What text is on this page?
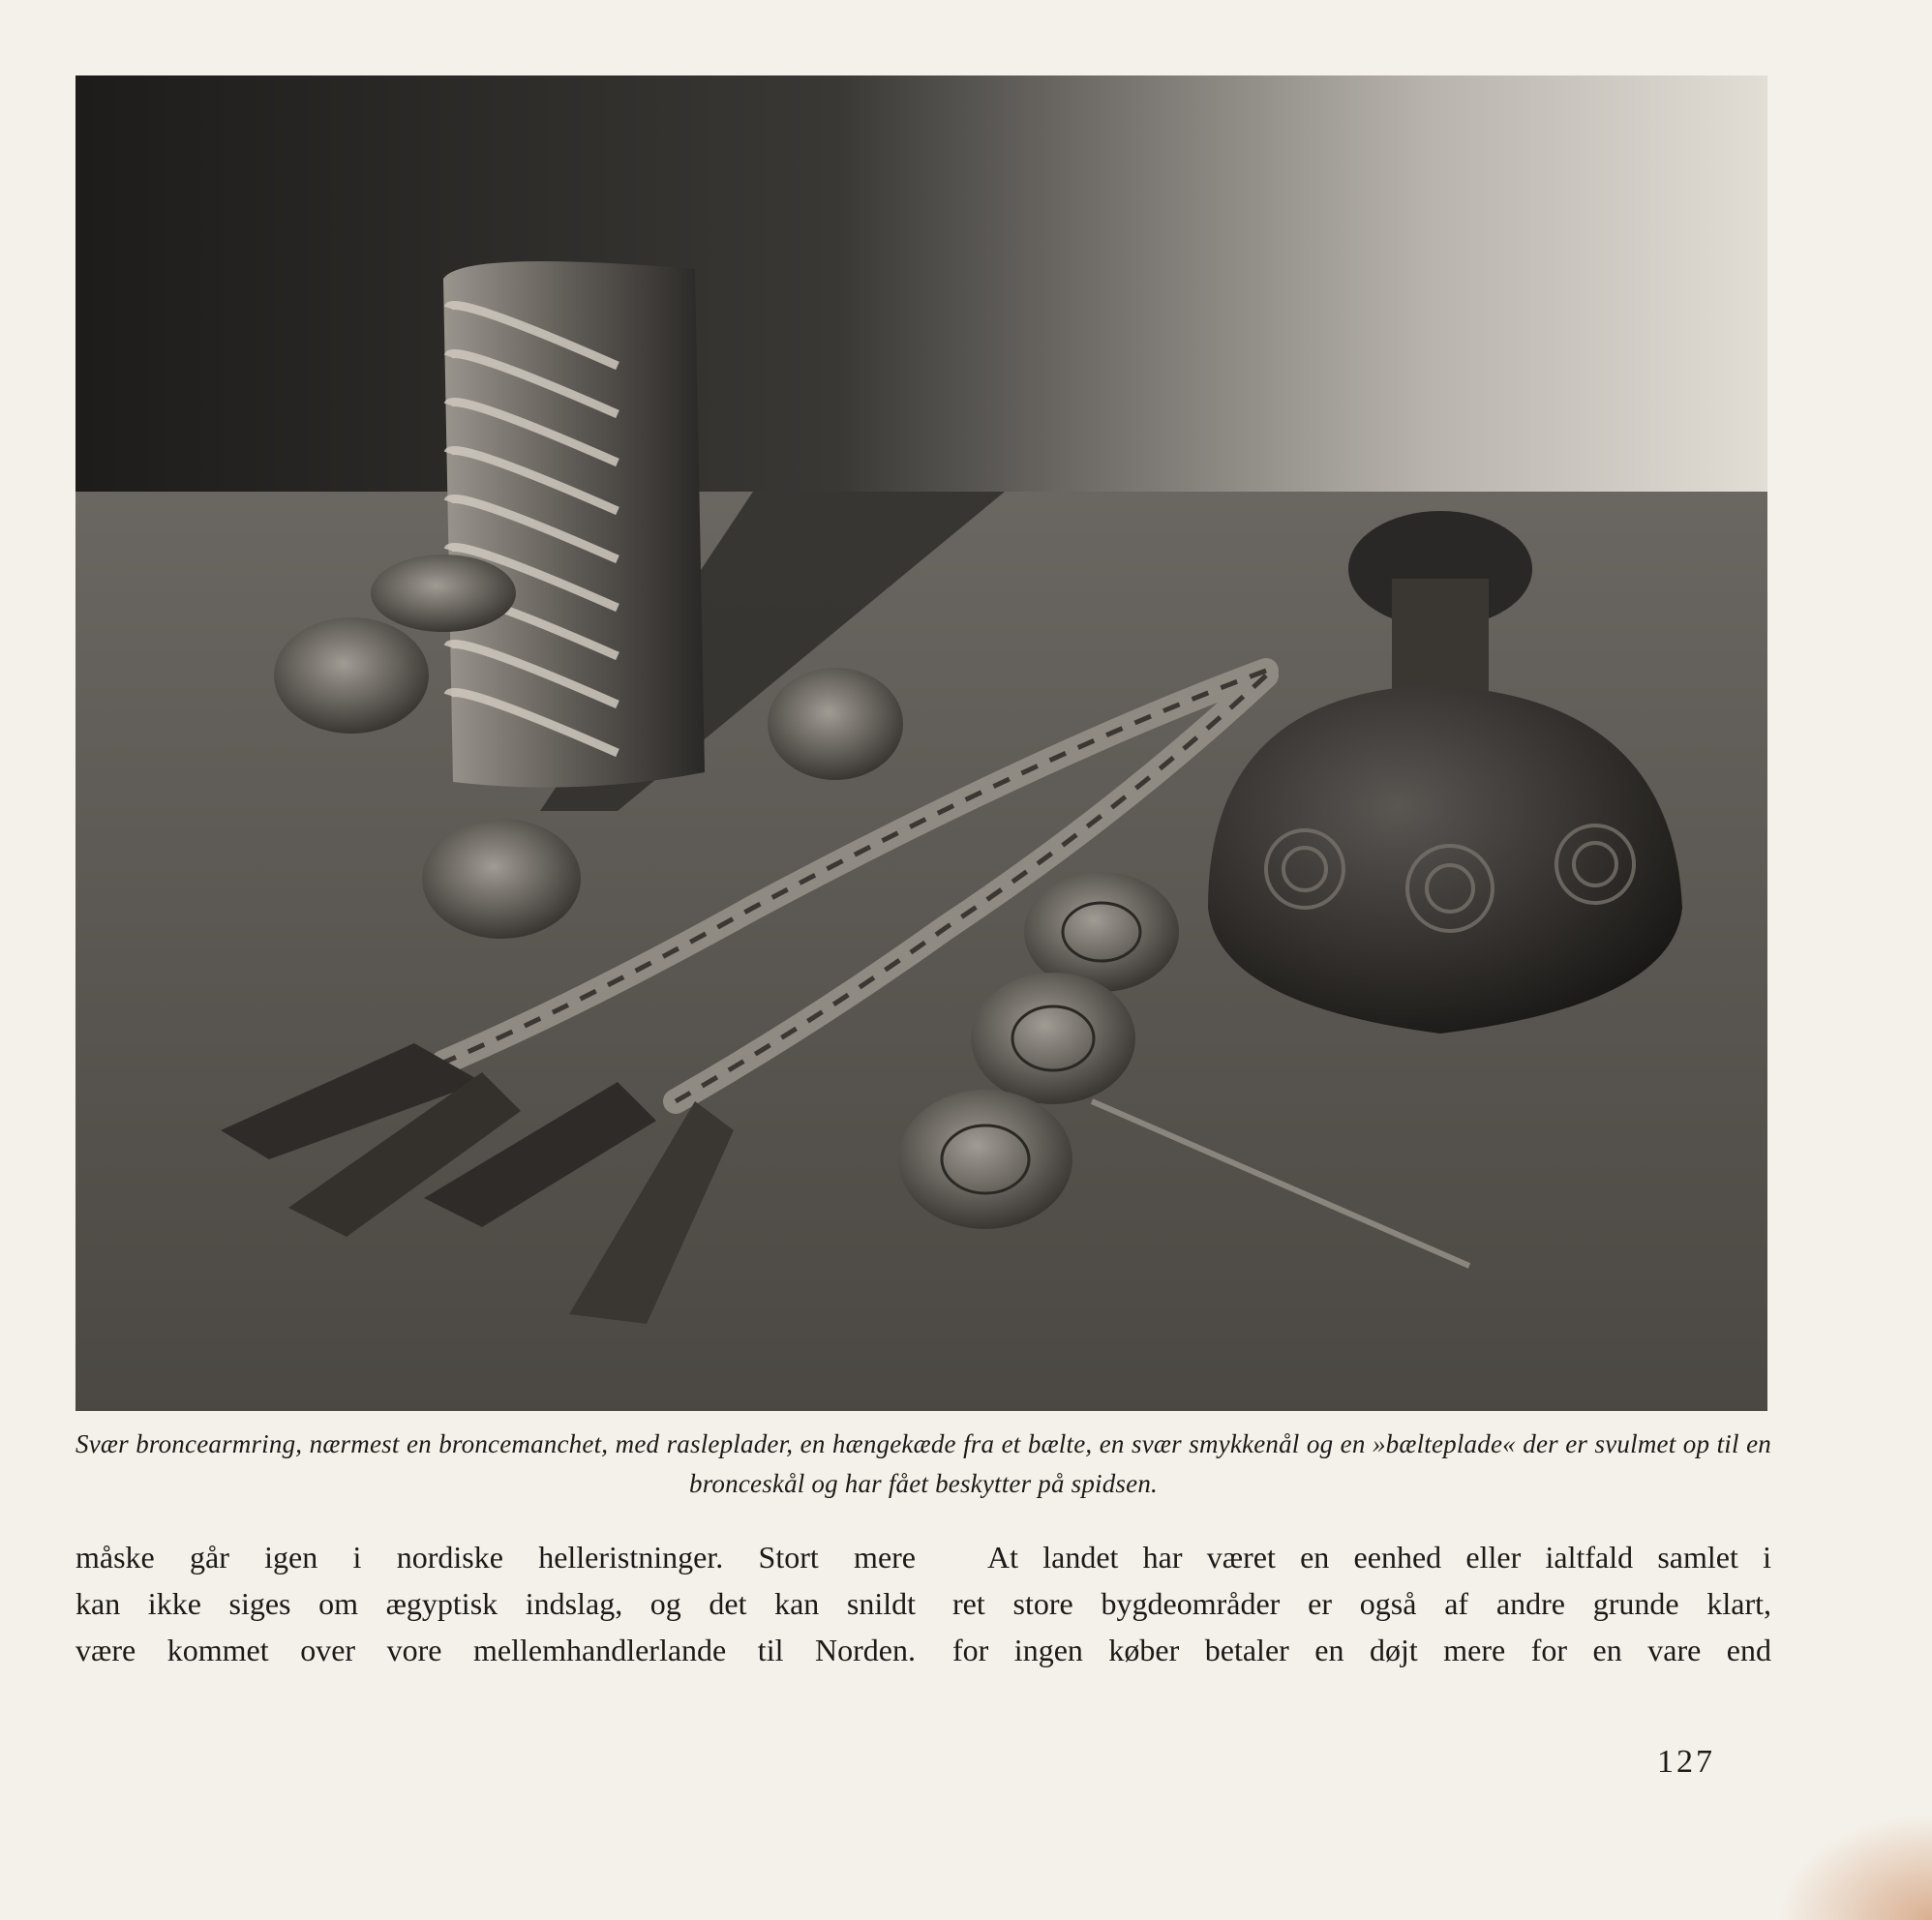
Svær broncearmring, nærmest en broncemanchet, med raslеplader, en hængekæde fra et bælte, en svær smykkenål og en »bælteplade« der er svulmet op til en bronceskål og har fået beskytter på spidsen.
måske går igen i nordiske helleristninger. Stort mere
kan ikke siges om ægyptisk indslag, og det kan snildt
være kommet over vore mellemhandlerlande til Norden.
At landet har været en eenhed eller ialtfald samlet i
ret store bygdeområder er også af andre grunde klart,
for ingen køber betaler en døjt mere for en vare end
127
